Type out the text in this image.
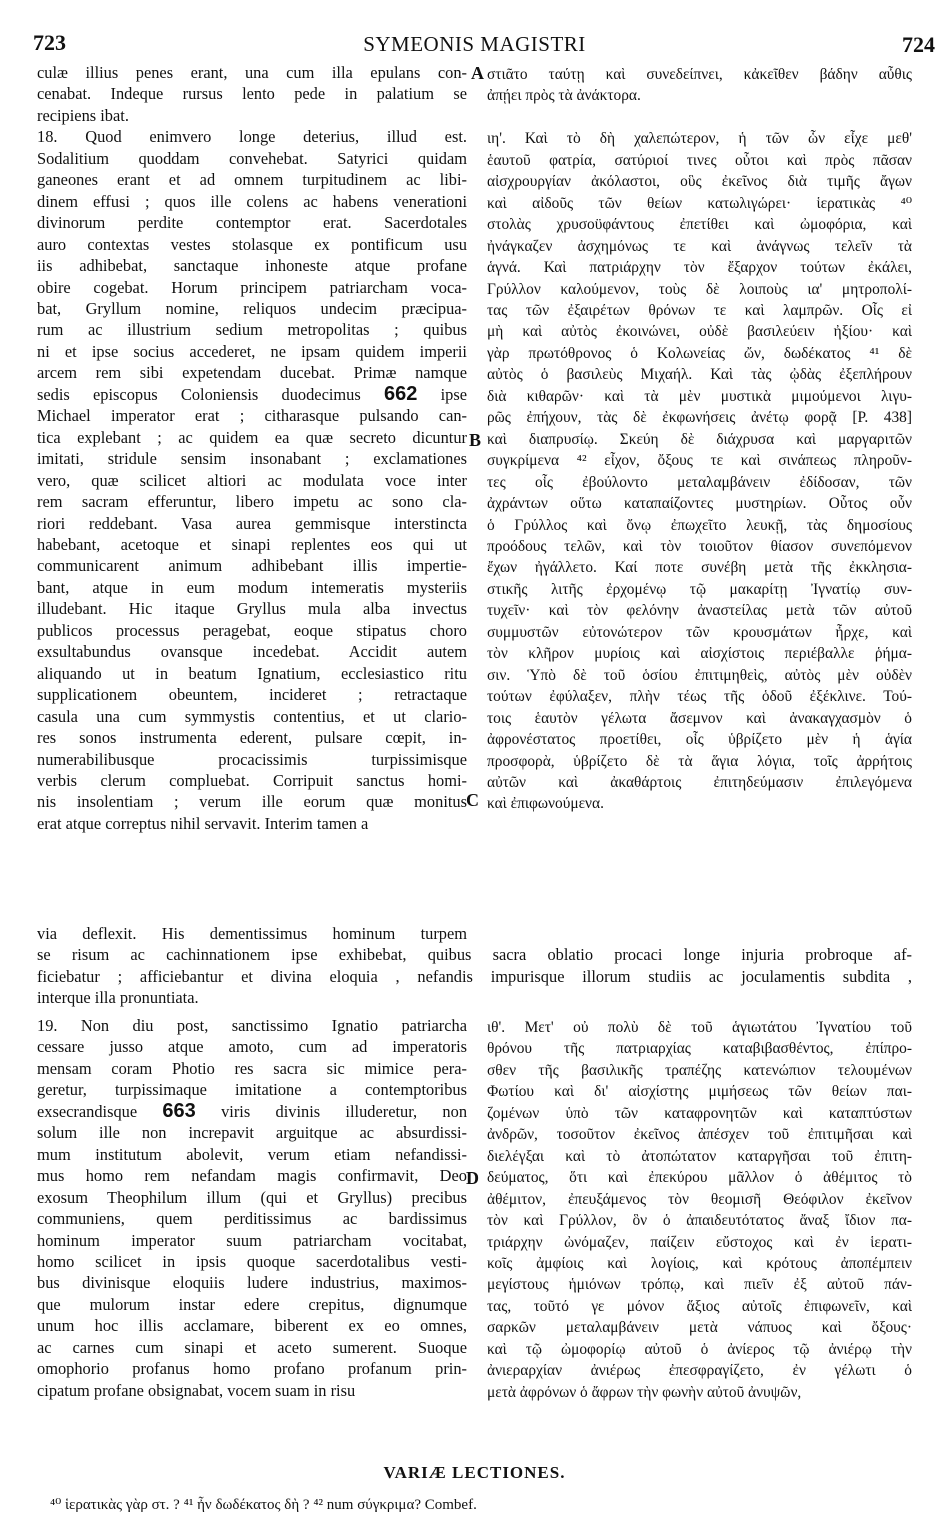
723	SYMEONIS MAGISTRI	724
culæ illius penes erant, una cum illa epulans con-
cenabat. Indeque rursus lento pede in palatium se
recipiens ibat.
18. Quod enimvero longe deterius, illud est.
Sodalitium quoddam convehebat. Satyrici quidam
ganeones erant et ad omnem turpitudinem ac libi-
dinem effusi ; quos ille colens ac habens venerationi
divinorum perdite contemptor erat. Sacerdotales
auro contextas vestes stolasque ex pontificum usu
iis adhibebat, sanctaque inhoneste atque profane
obire cogebat. Horum principem patriarcham voca-
bat, Gryllum nomine, reliquos undecim præcipua-
rum ac illustrium sedium metropolitas ; quibus
ni et ipse socius accederet, ne ipsam quidem imperii
arcem rem sibi expetendam ducebat. Primæ namque
sedis episcopus Coloniensis duodecimus 662 ipse
Michael imperator erat ; citharasque pulsando can-
tica explebant ; ac quidem ea quæ secreto dicuntur
imitati, stridule sensim insonabant ; exclamationes
vero, quæ scilicet altiori ac modulata voce inter
rem sacram efferuntur, libero impetu ac sono cla-
riori reddebant. Vasa aurea gemmisque interstincta
habebant, acetoque et sinapi replentes eos qui ut
communicarent animum adhibebant illis impertie-
bant, atque in eum modum intemeratis mysteriis
illudebant. Hic itaque Gryllus mula alba invectus
publicos processus peragebat, eoque stipatus choro
exsultabundus ovansque incedebat. Accidit autem
aliquando ut in beatum Ignatium, ecclesiastico ritu
supplicationem obeuntem, incideret ; retractaque
casula una cum symmystis contentius, et ut clario-
res sonos instrumenta ederent, pulsare cœpit, in-
numerabilibusque procacissimis turpissimisque
verbis clerum compluebat. Corripuit sanctus homi-
nis insolentiam ; verum ille eorum quæ monitus
erat atque correptus nihil servavit. Interim tamen a
στιᾶτο ταύτῃ καὶ συνεδείπνει, κἀκεῖθεν βάδην αὖθις
ἀπῄει πρὸς τὰ ἀνάκτορα.

ιη'. Καὶ τὸ δὴ χαλεπώτερον, ἡ τῶν ὧν εἶχε μεθ'
ἑαυτοῦ φατρία, σατύριοί τινες οὗτοι καὶ πρὸς πᾶσαν
αἰσχρουργίαν ἀκόλαστοι, οὓς ἐκεῖνος διὰ τιμῆς ἄγων
καὶ αἰδοῦς τῶν θείων κατωλιγώρει· ἱερατικὰς ⁴⁰
στολὰς χρυσοϋφάντους ἐπετίθει καὶ ὠμοφόρια, καὶ
ἠνάγκαζεν ἀσχημόνως τε καὶ ἀνάγνως τελεῖν τὰ
ἁγνά. Καὶ πατριάρχην τὸν ἔξαρχον τούτων ἐκάλει,
Γρύλλον καλούμενον, τοὺς δὲ λοιποὺς ια' μητροπολί-
τας τῶν ἐξαιρέτων θρόνων τε καὶ λαμπρῶν. Οἷς εἰ
μὴ καὶ αὐτὸς ἐκοινώνει, οὐδὲ βασιλεύειν ἠξίου· καὶ
γὰρ πρωτόθρονος ὁ Κολωνείας ὤν, δωδέκατος ⁴¹ δὲ
αὐτὸς ὁ βασιλεὺς Μιχαήλ. Καὶ τὰς ᾠδὰς ἐξεπλήρουν
διὰ κιθαρῶν· καὶ τὰ μὲν μυστικὰ μιμούμενοι λιγυ-
ρῶς ἐπήχουν, τὰς δὲ ἐκφωνήσεις ἀνέτῳ φορᾷ [P. 438]
καὶ διαπρυσίῳ. Σκεύη δὲ διάχρυσα καὶ μαργαριτῶν
συγκρίμενα ⁴² εἶχον, ὄξους τε καὶ σινάπεως πληροῦν-
τες οἷς ἐβούλοντο μεταλαμβάνειν ἐδίδοσαν, τῶν
ἀχράντων οὕτω καταπαίζοντες μυστηρίων. Οὗτος οὖν
ὁ Γρύλλος καὶ ὄνῳ ἐπωχεῖτο λευκῇ, τὰς δημοσίους
προόδους τελῶν, καὶ τὸν τοιοῦτον θίασον συνεπόμενον
ἔχων ἠγάλλετο. Καί ποτε συνέβη μετὰ τῆς ἐκκλησια-
στικῆς λιτῆς ἐρχομένῳ τῷ μακαρίτῃ Ἰγνατίῳ συν-
τυχεῖν· καὶ τὸν φελόνην ἀναστείλας μετὰ τῶν αὐτοῦ
συμμυστῶν εὐτονώτερον τῶν κρουσμάτων ἦρχε, καὶ
τὸν κλῆρον μυρίοις καὶ αἰσχίστοις περιέβαλλε ῥήμα-
σιν. Ὑπὸ δὲ τοῦ ὁσίου ἐπιτιμηθεὶς, αὐτὸς μὲν οὐδὲν
τούτων ἐφύλαξεν, πλὴν τέως τῆς ὁδοῦ ἐξέκλινε. Τού-
τοις ἑαυτὸν γέλωτα ἄσεμνον καὶ ἀνακαγχασμὸν ὁ
ἀφρονέστατος προετίθει, οἷς ὑβρίζετο μὲν ἡ ἁγία
προσφορὰ, ὑβρίζετο δὲ τὰ ἅγια λόγια, τοῖς ἀρρήτοις
αὐτῶν καὶ ἀκαθάρτοις ἐπιτηδεύμασιν ἐπιλεγόμενα
καὶ ἐπιφωνούμενα.
A
B
C
D
via deflexit. His dementissimus hominum turpem
se risum ac cachinnationem ipse exhibebat, quibus sacra oblatio procaci longe injuria probroque af-
ficiebatur ; afficiebantur et divina eloquia , nefandis impurisque illorum studiis ac joculamentis subdita ,
interque illa pronuntiata.
19. Non diu post, sanctissimo Ignatio patriarcha
cessare jusso atque amoto, cum ad imperatoris
mensam coram Photio res sacra sic mimice pera-
geretur, turpissimaque imitatione a contemptoribus
exsecrandisque 663 viris divinis illuderetur, non
solum ille non increpavit arguitque ac absurdissi-
mum institutum abolevit, verum etiam nefandissi-
mus homo rem nefandam magis confirmavit, Deo
exosum Theophilum illum (qui et Gryllus) precibus
communiens, quem perditissimus ac bardissimus
hominum imperator suum patriarcham vocitabat,
homo scilicet in ipsis quoque sacerdotalibus vesti-
bus divinisque eloquiis ludere industrius, maximos-
que mulorum instar edere crepitus, dignumque
unum hoc illis acclamare, biberent ex eo omnes,
ac carnes cum sinapi et aceto sumerent. Suoque
omophorio profanus homo profano profanum prin-
cipatum profane obsignabat, vocem suam in risu
ιθ'. Μετ' οὐ πολὺ δὲ τοῦ ἁγιωτάτου Ἰγνατίου τοῦ
θρόνου τῆς πατριαρχίας καταβιβασθέντος, ἐπίπρο-
σθεν τῆς βασιλικῆς τραπέζης κατενώπιον τελουμένων
Φωτίου καὶ δι' αἰσχίστης μιμήσεως τῶν θείων παι-
ζομένων ὑπὸ τῶν καταφρονητῶν καὶ καταπτύστων
ἀνδρῶν, τοσοῦτον ἐκεῖνος ἀπέσχεν τοῦ ἐπιτιμῆσαι καὶ
διελέγξαι καὶ τὸ ἀτοπώτατον καταργῆσαι τοῦ ἐπιτη-
δεύματος, ὅτι καὶ ἐπεκύρου μᾶλλον ὁ ἀθέμιτος τὸ
ἀθέμιτον, ἐπευξάμενος τὸν θεομισῆ Θεόφιλον ἐκεῖνον
τὸν καὶ Γρύλλον, ὃν ὁ ἀπαιδευτότατος ἄναξ ἴδιον πα-
τριάρχην ὠνόμαζεν, παίζειν εὔστοχος καὶ ἐν ἱερατι-
κοῖς ἀμφίοις καὶ λογίοις, καὶ κρότους ἀποπέμπειν
μεγίστους ἡμιόνων τρόπῳ, καὶ πιεῖν ἐξ αὐτοῦ πάν-
τας, τοῦτό γε μόνον ἄξιος αὐτοῖς ἐπιφωνεῖν, καὶ
σαρκῶν μεταλαμβάνειν μετὰ νάπυος καὶ ὄξους·
καὶ τῷ ὠμοφορίῳ αὐτοῦ ὁ ἀνίερος τῷ ἀνιέρῳ τὴν
ἀνιεραρχίαν ἀνιέρως ἐπεσφραγίζετο, ἐν γέλωτι ὁ
μετὰ ἀφρόνων ὁ ἄφρων τὴν φωνὴν αὐτοῦ ἀνυψῶν,
VARIÆ LECTIONES.
⁴⁰ ἱερατικὰς γὰρ στ. ? ⁴¹ ἦν δωδέκατος δὴ ? ⁴² num σύγκριμα? Combef.
